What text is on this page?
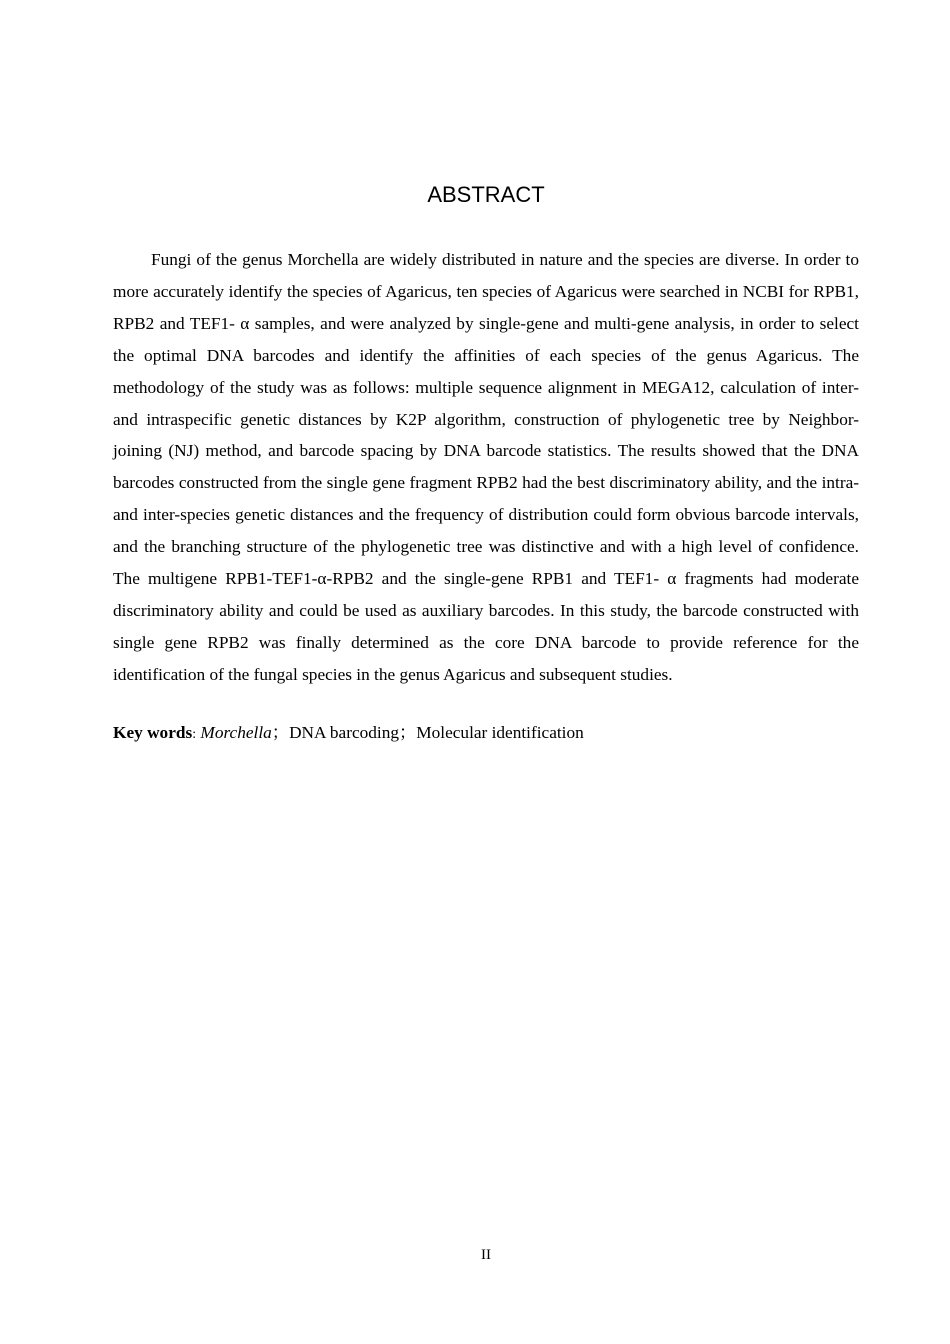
ABSTRACT

Fungi of the genus Morchella are widely distributed in nature and the species are diverse. In order to more accurately identify the species of Agaricus, ten species of Agaricus were searched in NCBI for RPB1, RPB2 and TEF1- α samples, and were analyzed by single-gene and multi-gene analysis, in order to select the optimal DNA barcodes and identify the affinities of each species of the genus Agaricus. The methodology of the study was as follows: multiple sequence alignment in MEGA12, calculation of inter- and intraspecific genetic distances by K2P algorithm, construction of phylogenetic tree by Neighbor-joining (NJ) method, and barcode spacing by DNA barcode statistics. The results showed that the DNA barcodes constructed from the single gene fragment RPB2 had the best discriminatory ability, and the intra- and inter-species genetic distances and the frequency of distribution could form obvious barcode intervals, and the branching structure of the phylogenetic tree was distinctive and with a high level of confidence. The multigene RPB1-TEF1-α-RPB2 and the single-gene RPB1 and TEF1- α fragments had moderate discriminatory ability and could be used as auxiliary barcodes. In this study, the barcode constructed with single gene RPB2 was finally determined as the core DNA barcode to provide reference for the identification of the fungal species in the genus Agaricus and subsequent studies.

Key words: Morchella；DNA barcoding；Molecular identification

II
